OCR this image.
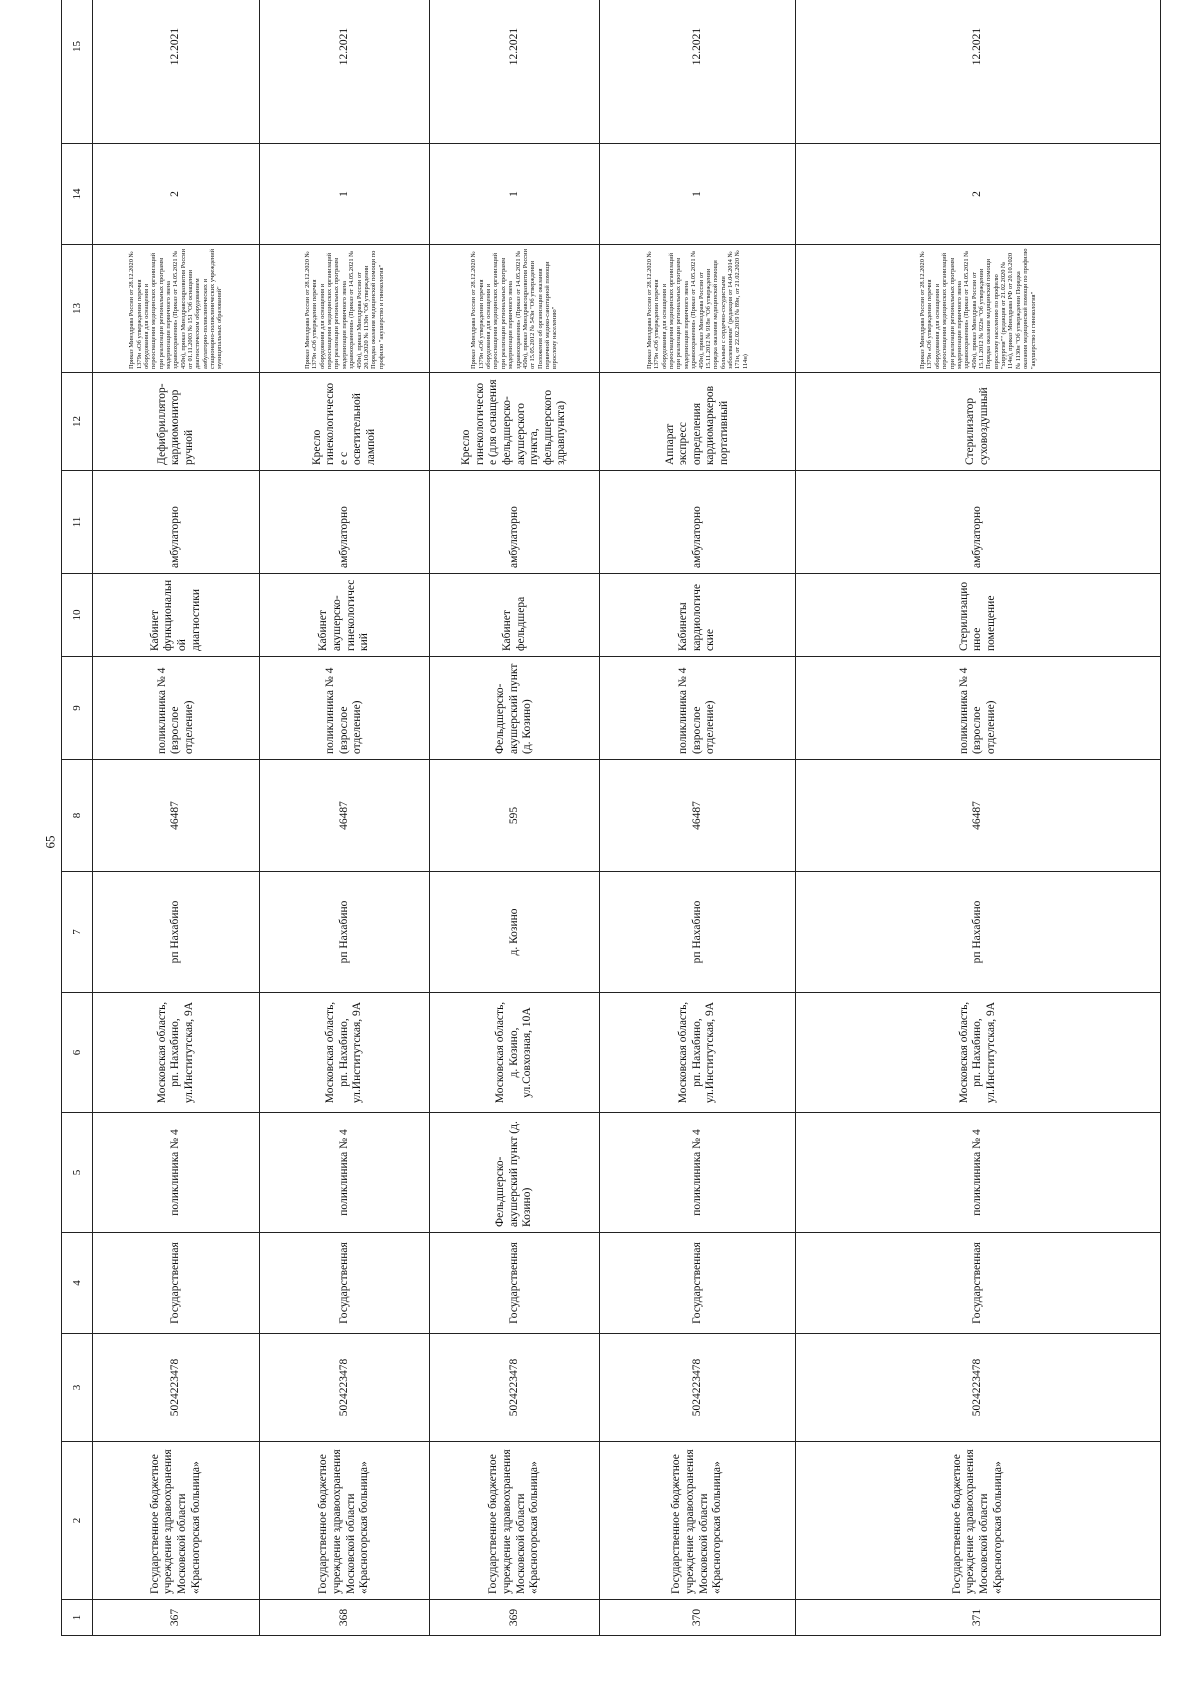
65
1	2	3	4	5	6	7	8	9	10	11	12	13	14	15
367	Государственное бюджетное учреждение здравоохранения Московской области «Красногорская больница»	5024223478	Государственная	поликлиника № 4	Московская область, рп. Нахабино, ул.Институтская, 9А	рп Нахабино	46487	поликлиника № 4 (взрослое отделение)	Кабинет функциональной диагностики	амбулаторно	Дефибриллятор-кардиомонитор ручной	Приказ Минздрава России от 28.12.2020 № 1379н «Об утверждении перечня оборудования для оснащения и переоснащения медицинских организаций при реализации региональных программ модернизации первичного звена здравоохранения» (Приказ от 14.05.2021 № 450н), приказ Минздравсоцразвития России от 01.11.2003 № 151 "Об оснащении диагностическим оборудованием амбулаторно-поликлинических и стационарно-поликлинических учреждений муниципальных образований"	2	12.2021
368	Государственное бюджетное учреждение здравоохранения Московской области «Красногорская больница»	5024223478	Государственная	поликлиника № 4	Московская область, рп. Нахабино, ул.Институтская, 9А	рп Нахабино	46487	поликлиника № 4 (взрослое отделение)	Кабинет акушерско-гинекологический	амбулаторно	Кресло гинекологическое с осветительной лампой	Приказ Минздрава России от 28.12.2020 № 1379н «Об утверждении перечня оборудования для оснащения и переоснащения медицинских организаций при реализации региональных программ модернизации первичного звена здравоохранения» (Приказ от 14.05.2021 № 450н), приказ Минздрава России от 20.10.2020 № 1130н "Об утверждении Порядка оказания медицинской помощи по профилю "акушерство и гинекология"	1	12.2021
369	Государственное бюджетное учреждение здравоохранения Московской области «Красногорская больница»	5024223478	Государственная	Фельдшерско-акушерский пункт (д. Козино)	Московская область, д. Козино, ул.Совхозная, 10А	д. Козино	595	Фельдшерско-акушерский пункт (д. Козино)	Кабинет фельдшера	амбулаторно	Кресло гинекологическое (для оснащения фельдшерско-акушерского пункта, фельдшерского здравпункта)	Приказ Минздрава России от 28.12.2020 № 1379н «Об утверждении перечня оборудования для оснащения и переоснащения медицинских организаций при реализации региональных программ модернизации первичного звена здравоохранения» (Приказ от 14.05.2021 № 450н), приказ Минздравсоцразвития России от 15.05.2012 № 543н "Об утверждении Положения об организации оказания первичной медико-санитарной помощи взрослому населению"	1	12.2021
370	Государственное бюджетное учреждение здравоохранения Московской области «Красногорская больница»	5024223478	Государственная	поликлиника № 4	Московская область, рп. Нахабино, ул.Институтская, 9А	рп Нахабино	46487	поликлиника № 4 (взрослое отделение)	Кабинеты кардиологические	амбулаторно	Аппарат экспресс определения кардиомаркеров портативный	Приказ Минздрава России от 28.12.2020 № 1379н «Об утверждении перечня оборудования для оснащения и переоснащения медицинских организаций при реализации региональных программ модернизации первичного звена здравоохранения» (Приказ от 14.05.2021 № 450н), приказ Минздрава России от 15.11.2012 № 918н "Об утверждении порядка оказания медицинской помощи больным с сердечно-сосудистыми заболеваниями" (редакция от 14.04.2014 № 171н, от 22.02.2019 № 89н, от 21.02.2020 № 114н)	1	12.2021
371	Государственное бюджетное учреждение здравоохранения Московской области «Красногорская больница»	5024223478	Государственная	поликлиника № 4	Московская область, рп. Нахабино, ул.Институтская, 9А	рп Нахабино	46487	поликлиника № 4 (взрослое отделение)	Стерилизационное помещение	амбулаторно	Стерилизатор суховоздушный	Приказ Минздрава России от 28.12.2020 № 1379н «Об утверждении перечня оборудования для оснащения и переоснащения медицинских организаций при реализации региональных программ модернизации первичного звена здравоохранения» (Приказ от 14.05.2021 № 450н), приказ Минздрава России от 15.11.2012 № 922н "Об утверждении Порядка оказания медицинской помощи взрослому населению по профилю "хирургия"" (редакция от 21.02.2020 № 114н), приказ Минздрава РФ от 20.10.2020 № 1130н "Об утверждении Порядка оказания медицинской помощи по профилю "акушерство и гинекология"	2	12.2021
